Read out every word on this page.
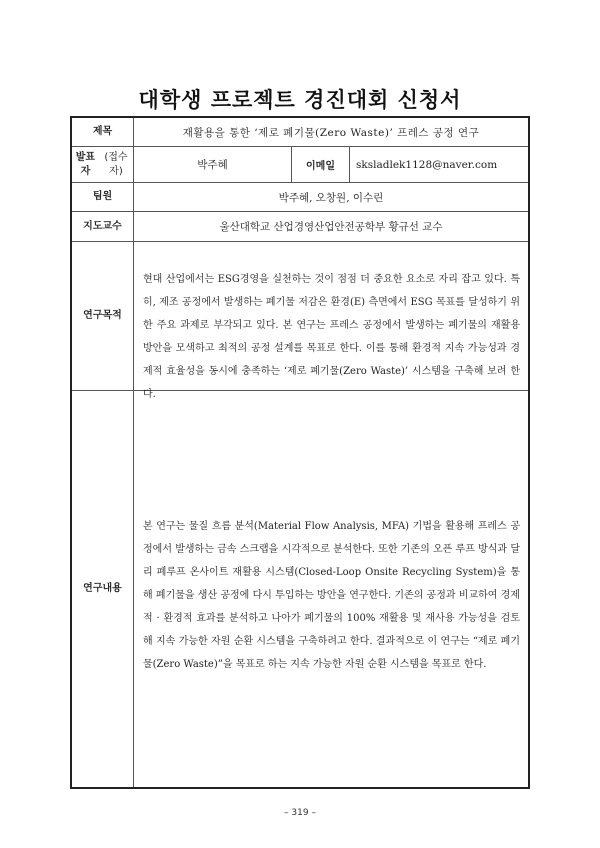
대학생 프로젝트 경진대회 신청서
제목	재활용을 통한 ‘제로 폐기물(Zero Waste)’ 프레스 공정 연구
발표자
(접수자)	박주혜	이메일	sksladlek1128@naver.com
팀원	박주혜, 오창원, 이수린
지도교수	울산대학교 산업경영산업안전공학부 황규선 교수
연구목적
현대 산업에서는 ESG경영을 실천하는 것이 점점 더 중요한 요소로 자리 잡고 있다. 특히, 제조 공정에서 발생하는 폐기물 저감은 환경(E) 측면에서 ESG 목표를 달성하기 위한 주요 과제로 부각되고 있다. 본 연구는 프레스 공정에서 발생하는 폐기물의 재활용 방안을 모색하고 최적의 공정 설계를 목표로 한다. 이를 통해 환경적 지속 가능성과 경제적 효율성을 동시에 충족하는 ‘제로 폐기물(Zero Waste)’ 시스템을 구축해 보려 한다.
연구내용
본 연구는 물질 흐름 분석(Material Flow Analysis, MFA) 기법을 활용해 프레스 공정에서 발생하는 금속 스크랩을 시각적으로 분석한다. 또한 기존의 오픈 루프 방식과 달리 폐루프 온사이트 재활용 시스템(Closed-Loop Onsite Recycling System)을 통해 폐기물을 생산 공정에 다시 투입하는 방안을 연구한다. 기존의 공정과 비교하여 경제적 · 환경적 효과를 분석하고 나아가 폐기물의 100% 재활용 및 재사용 가능성을 검토해 지속 가능한 자원 순환 시스템을 구축하려고 한다. 결과적으로 이 연구는 “제로 폐기물(Zero Waste)”을 목표로 하는 지속 가능한 자원 순환 시스템을 목표로 한다.
– 319 –
